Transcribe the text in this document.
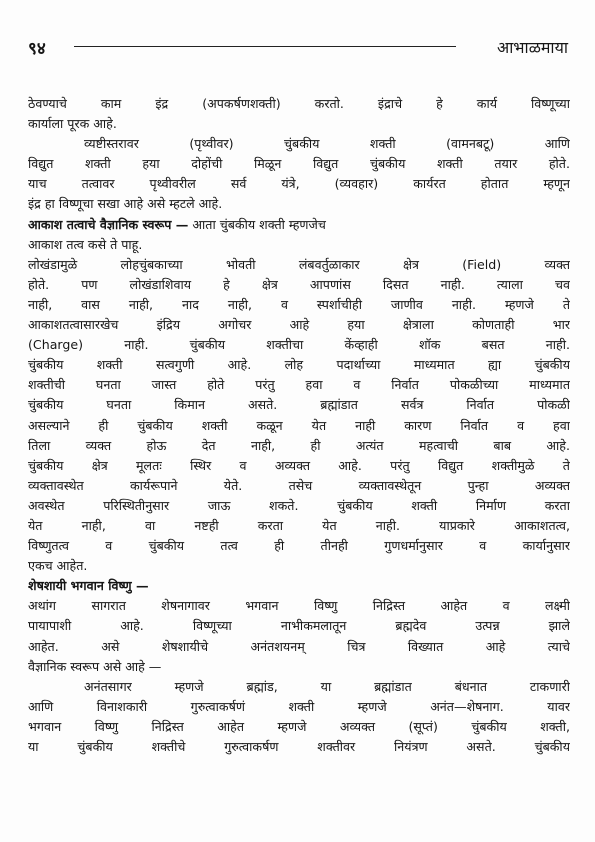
९४	आभाळमाया
ठेवण्याचे काम इंद्र (अपकर्षणशक्ती) करतो. इंद्राचे हे कार्य विष्णूच्या
कार्याला पूरक आहे.
व्यष्टीस्तरावर (पृथ्वीवर) चुंबकीय शक्ती (वामनबटू) आणि
विद्युत शक्ती हया दोहोंची मिळून विद्युत चुंबकीय शक्ती तयार होते.
याच तत्वावर पृथ्वीवरील सर्व यंत्रे, (व्यवहार) कार्यरत होतात म्हणून
इंद्र हा विष्णूचा सखा आहे असे म्हटले आहे.
आकाश तत्वाचे वैज्ञानिक स्वरूप — आता चुंबकीय शक्ती म्हणजेच
आकाश तत्व कसे ते पाहू.
लोखंडामुळे लोहचुंबकाच्या भोवती लंबवर्तुळाकार क्षेत्र (Field) व्यक्त
होते. पण लोखंडाशिवाय हे क्षेत्र आपणांस दिसत नाही. त्याला चव
नाही, वास नाही, नाद नाही, व स्पर्शाचीही जाणीव नाही. म्हणजे ते
आकाशतत्वासारखेच इंद्रिय अगोचर आहे हया क्षेत्राला कोणताही भार
(Charge) नाही. चुंबकीय शक्तीचा केंव्हाही शॉक बसत नाही.
चुंबकीय शक्ती सत्वगुणी आहे. लोह पदार्थाच्या माध्यमात ह्या चुंबकीय
शक्तीची घनता जास्त होते परंतु हवा व निर्वात पोकळीच्या माध्यमात
चुंबकीय घनता किमान असते. ब्रह्मांडात सर्वत्र निर्वात पोकळी
असल्याने ही चुंबकीय शक्ती कळून येत नाही कारण निर्वात व हवा
तिला व्यक्त होऊ देत नाही, ही अत्यंत महत्वाची बाब आहे.
चुंबकीय क्षेत्र मूलतः स्थिर व अव्यक्त आहे. परंतु विद्युत शक्तीमुळे ते
व्यक्तावस्थेत कार्यरूपाने येते. तसेच व्यक्तावस्थेतून पुन्हा अव्यक्त
अवस्थेत परिस्थितीनुसार जाऊ शकते. चुंबकीय शक्ती निर्माण करता
येत नाही, वा नष्टही करता येत नाही. याप्रकारे आकाशतत्व,
विष्णुतत्व व चुंबकीय तत्व ही तीनही गुणधर्मानुसार व कार्यानुसार
एकच आहेत.
शेषशायी भगवान विष्णु —
अथांग सागरात शेषनागावर भगवान विष्णु निद्रिस्त आहेत व लक्ष्मी
पायापाशी आहे. विष्णूच्या नाभीकमलातून ब्रह्मदेव उत्पन्न झाले
आहेत. असे शेषशायीचे अनंतशयनम् चित्र विख्यात आहे त्याचे
वैज्ञानिक स्वरूप असे आहे —
अनंतसागर म्हणजे ब्रह्मांड, या ब्रह्मांडात बंधनात टाकणारी
आणि विनाशकारी गुरुत्वाकर्षणं शक्ती म्हणजे अनंत—शेषनाग. यावर
भगवान विष्णु निद्रिस्त आहेत म्हणजे अव्यक्त (सूप्तं) चुंबकीय शक्ती,
या चुंबकीय शक्तीचे गुरुत्वाकर्षण शक्तीवर नियंत्रण असते. चुंबकीय
